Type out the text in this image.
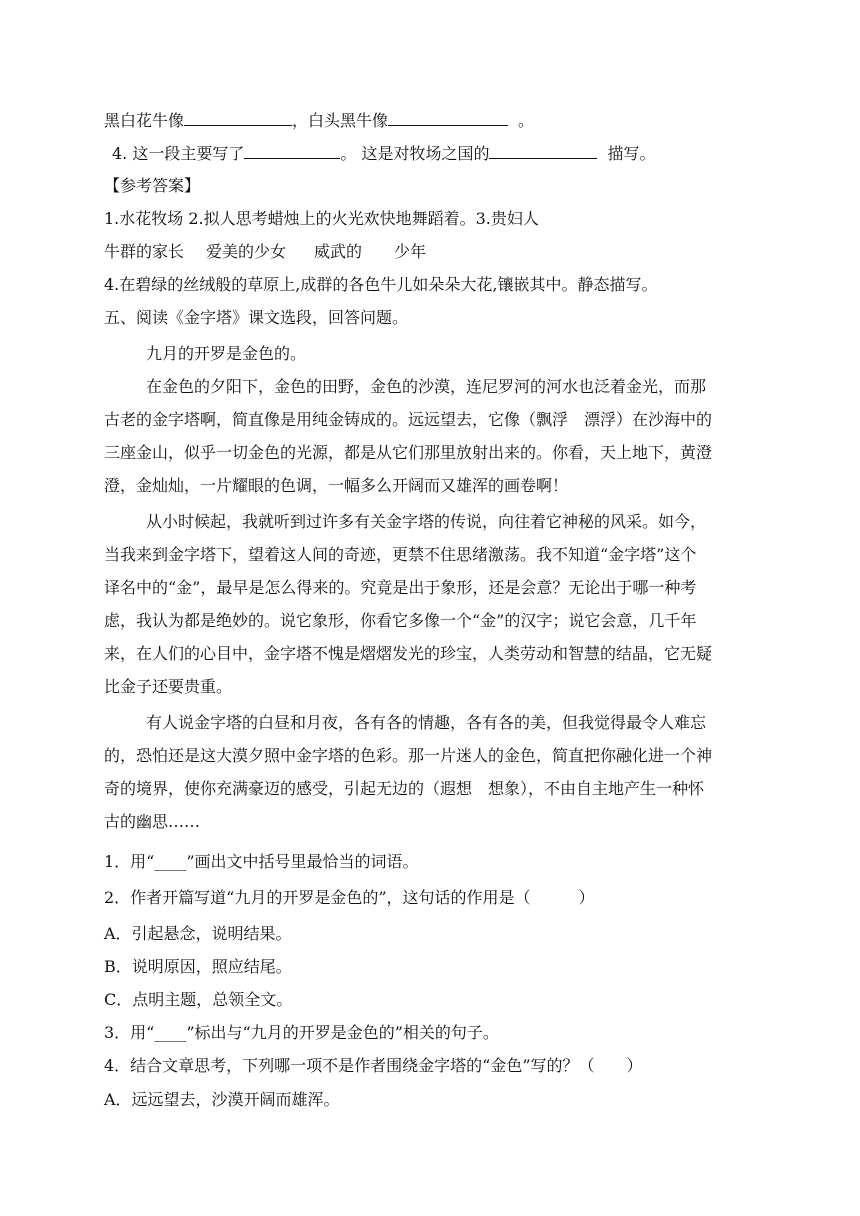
黑白花牛像	，白头黑牛像	。
4. 这一段主要写了	。 这是对牧场之国的	描写。
【参考答案】
1.水花牧场 2.拟人思考蜡烛上的火光欢快地舞蹈着。3.贵妇人
牛群的家长 爱美的少女 威武的 少年
4.在碧绿的丝绒般的草原上,成群的各色牛儿如朵朵大花,镶嵌其中。静态描写。
五、阅读《金字塔》课文选段，回答问题。
九月的开罗是金色的。
在金色的夕阳下，金色的田野，金色的沙漠，连尼罗河的河水也泛着金光，而那
古老的金字塔啊，简直像是用纯金铸成的。远远望去，它像（飘浮　漂浮）在沙海中的
三座金山，似乎一切金色的光源，都是从它们那里放射出来的。你看，天上地下，黄澄
澄，金灿灿，一片耀眼的色调，一幅多么开阔而又雄浑的画卷啊！
从小时候起，我就听到过许多有关金字塔的传说，向往着它神秘的风采。如今，
当我来到金字塔下，望着这人间的奇迹，更禁不住思绪激荡。我不知道“金字塔”这个
译名中的“金”，最早是怎么得来的。究竟是出于象形，还是会意？无论出于哪一种考
虑，我认为都是绝妙的。说它象形，你看它多像一个“金”的汉字；说它会意，几千年
来，在人们的心目中，金字塔不愧是熠熠发光的珍宝，人类劳动和智慧的结晶，它无疑
比金子还要贵重。
有人说金字塔的白昼和月夜，各有各的情趣，各有各的美，但我觉得最令人难忘
的，恐怕还是这大漠夕照中金字塔的色彩。那一片迷人的金色，简直把你融化进一个神
奇的境界，使你充满豪迈的感受，引起无边的（遐想　想象），不由自主地产生一种怀
古的幽思……
1．用“____”画出文中括号里最恰当的词语。
2．作者开篇写道“九月的开罗是金色的”，这句话的作用是（　　　）
A．引起悬念，说明结果。
B．说明原因，照应结尾。
C．点明主题，总领全文。
3．用“____”标出与“九月的开罗是金色的”相关的句子。
4．结合文章思考，下列哪一项不是作者围绕金字塔的“金色”写的？（　　）
A．远远望去，沙漠开阔而雄浑。
